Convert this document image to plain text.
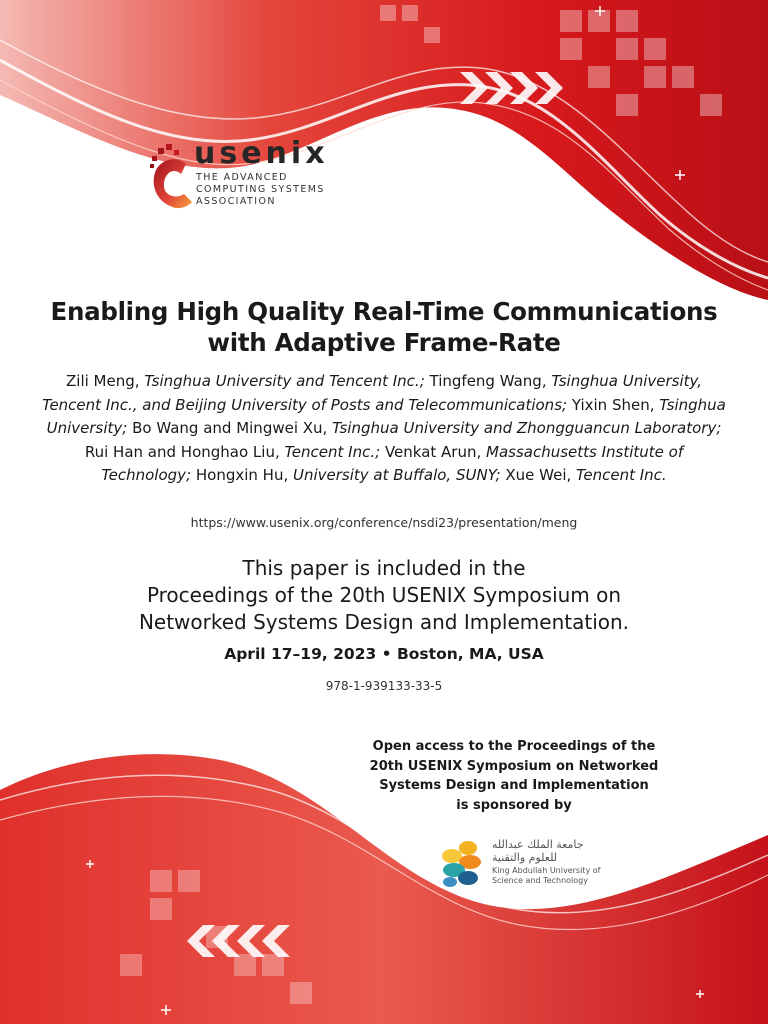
usenix
THE ADVANCED
COMPUTING SYSTEMS
ASSOCIATION
Enabling High Quality Real-Time Communications
with Adaptive Frame-Rate
Zili Meng, Tsinghua University and Tencent Inc.; Tingfeng Wang, Tsinghua University, Tencent Inc., and Beijing University of Posts and Telecommunications; Yixin Shen, Tsinghua University; Bo Wang and Mingwei Xu, Tsinghua University and Zhongguancun Laboratory; Rui Han and Honghao Liu, Tencent Inc.; Venkat Arun, Massachusetts Institute of Technology; Hongxin Hu, University at Buffalo, SUNY; Xue Wei, Tencent Inc.
https://www.usenix.org/conference/nsdi23/presentation/meng
This paper is included in the
Proceedings of the 20th USENIX Symposium on
Networked Systems Design and Implementation.
April 17–19, 2023 • Boston, MA, USA
978-1-939133-33-5
Open access to the Proceedings of the
20th USENIX Symposium on Networked
Systems Design and Implementation
is sponsored by
جامعة الملك عبدالله
للعلوم والتقنية
King Abdullah University of
Science and Technology
